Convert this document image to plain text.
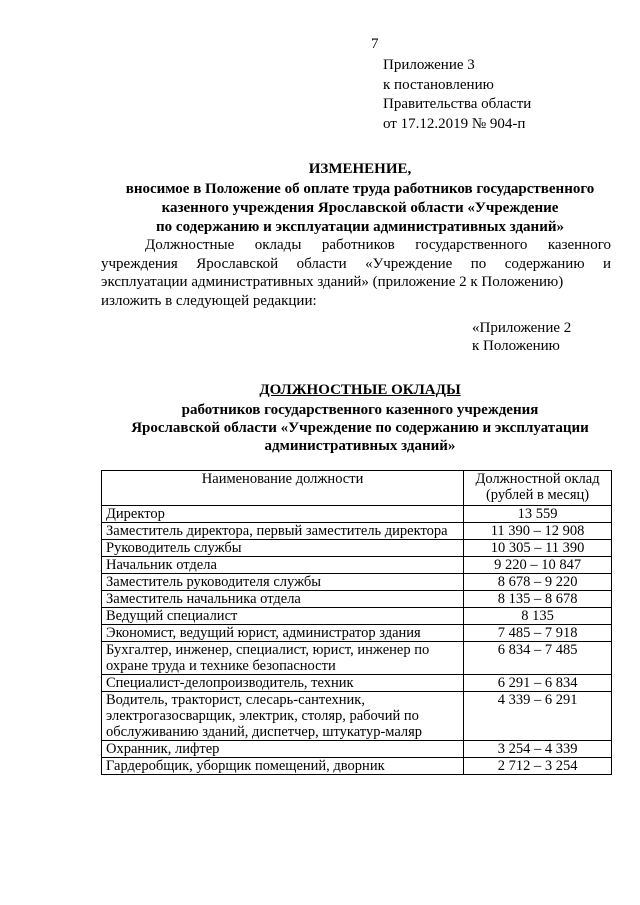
7
Приложение 3
к постановлению
Правительства области
от 17.12.2019 № 904-п
ИЗМЕНЕНИЕ,
вносимое в Положение об оплате труда работников государственного
казенного учреждения Ярославской области «Учреждение
по содержанию и эксплуатации административных зданий»
Должностные оклады работников государственного казенного учреждения Ярославской области «Учреждение по содержанию и эксплуатации административных зданий» (приложение 2 к Положению)
изложить в следующей редакции:
«Приложение 2
к Положению
ДОЛЖНОСТНЫЕ ОКЛАДЫ
работников государственного казенного учреждения
Ярославской области «Учреждение по содержанию и эксплуатации
административных зданий»
Наименование должности	Должностной оклад (рублей в месяц)
Директор	13 559
Заместитель директора, первый заместитель директора	11 390 – 12 908
Руководитель службы	10 305 – 11 390
Начальник отдела	9 220 – 10 847
Заместитель руководителя службы	8 678 – 9 220
Заместитель начальника отдела	8 135 – 8 678
Ведущий специалист	8 135
Экономист, ведущий юрист, администратор здания	7 485 – 7 918
Бухгалтер, инженер, специалист, юрист, инженер по охране труда и технике безопасности	6 834 – 7 485
Специалист-делопроизводитель, техник	6 291 – 6 834
Водитель, тракторист, слесарь-сантехник, электрогазосварщик, электрик, столяр, рабочий по обслуживанию зданий, диспетчер, штукатур-маляр	4 339 – 6 291
Охранник, лифтер	3 254 – 4 339
Гардеробщик, уборщик помещений, дворник	2 712 – 3 254
